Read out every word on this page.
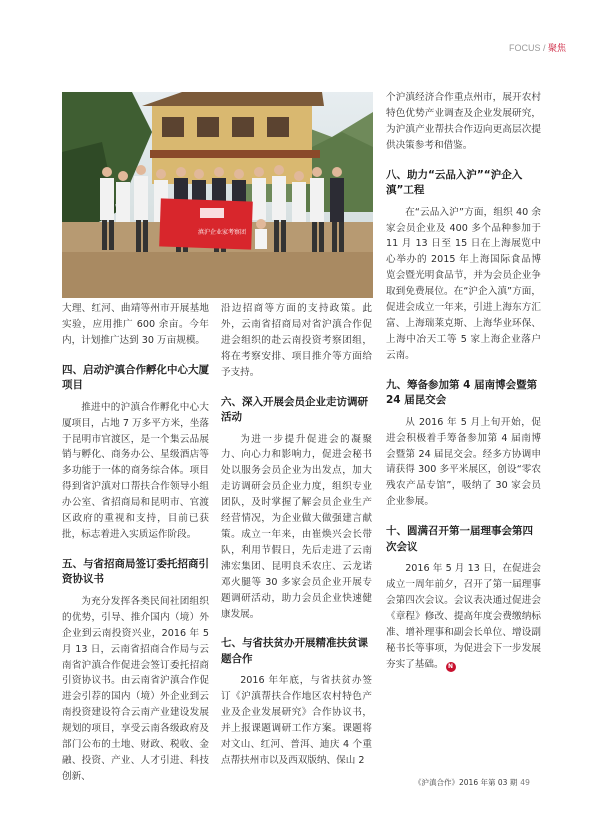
FOCUS / 聚焦
滇沪企业家考察团

大理、红河、曲靖等州市开展基地实验，应用推广 600 余亩。今年内，计划推广达到 30 万亩规模。

四、启动沪滇合作孵化中心大厦项目

推进中的沪滇合作孵化中心大厦项目，占地 7 万多平方米，坐落于昆明市官渡区，是一个集云品展销与孵化、商务办公、星级酒店等多功能于一体的商务综合体。项目得到省沪滇对口帮扶合作领导小组办公室、省招商局和昆明市、官渡区政府的重视和支持，目前已获批，标志着进入实质运作阶段。

五、与省招商局签订委托招商引资协议书

为充分发挥各类民间社团组织的优势，引导、推介国内（境）外企业到云南投资兴业，2016 年 5 月 13 日，云南省招商合作局与云南省沪滇合作促进会签订委托招商引资协议书。由云南省沪滇合作促进会引荐的国内（境）外企业到云南投资建设符合云南产业建设发展规划的项目，享受云南各级政府及部门公布的土地、财政、税收、金融、投资、产业、人才引进、科技创新、

沿边招商等方面的支持政策。此外，云南省招商局对省沪滇合作促进会组织的赴云南投资考察团组，将在考察安排、项目推介等方面给予支持。

六、深入开展会员企业走访调研活动

为进一步提升促进会的凝聚力、向心力和影响力，促进会秘书处以服务会员企业为出发点，加大走访调研会员企业力度，组织专业团队，及时掌握了解会员企业生产经营情况，为企业做大做强建言献策。成立一年来，由崔焕兴会长带队，利用节假日，先后走进了云南沸宏集团、昆明良禾农庄、云龙诺邓火腿等 30 多家会员企业开展专题调研活动，助力会员企业快速健康发展。

七、与省扶贫办开展精准扶贫课题合作

2016 年年底，与省扶贫办签订《沪滇帮扶合作地区农村特色产业及企业发展研究》合作协议书，并上报课题调研工作方案。课题将对文山、红河、普洱、迪庆 4 个重点帮扶州市以及西双版纳、保山 2

个沪滇经济合作重点州市，展开农村特色优势产业调查及企业发展研究，为沪滇产业帮扶合作迈向更高层次提供决策参考和借鉴。

八、助力“云品入沪”“沪企入滇”工程

在“云品入沪”方面，组织 40 余家会员企业及 400 多个品种参加于 11 月 13 日至 15 日在上海展览中心举办的 2015 年上海国际食品博览会暨光明食品节，并为会员企业争取到免费展位。在“沪企入滇”方面，促进会成立一年来，引进上海东方汇富、上海瑞莱克斯、上海华业环保、上海中冶天工等 5 家上海企业落户云南。

九、筹备参加第 4 届南博会暨第 24 届昆交会

从 2016 年 5 月上旬开始，促进会积极着手筹备参加第 4 届南博会暨第 24 届昆交会。经多方协调申请获得 300 多平米展区，创设“零农残农产品专馆”，吸纳了 30 家会员企业参展。

十、圆满召开第一届理事会第四次会议

2016 年 5 月 13 日，在促进会成立一周年前夕，召开了第一届理事会第四次会议。会议表决通过促进会《章程》修改、提高年度会费缴纳标准、增补理事和副会长单位、增设副秘书长等事项，为促进会下一步发展夯实了基础。 N

《沪滇合作》2016 年第 03 期 49
